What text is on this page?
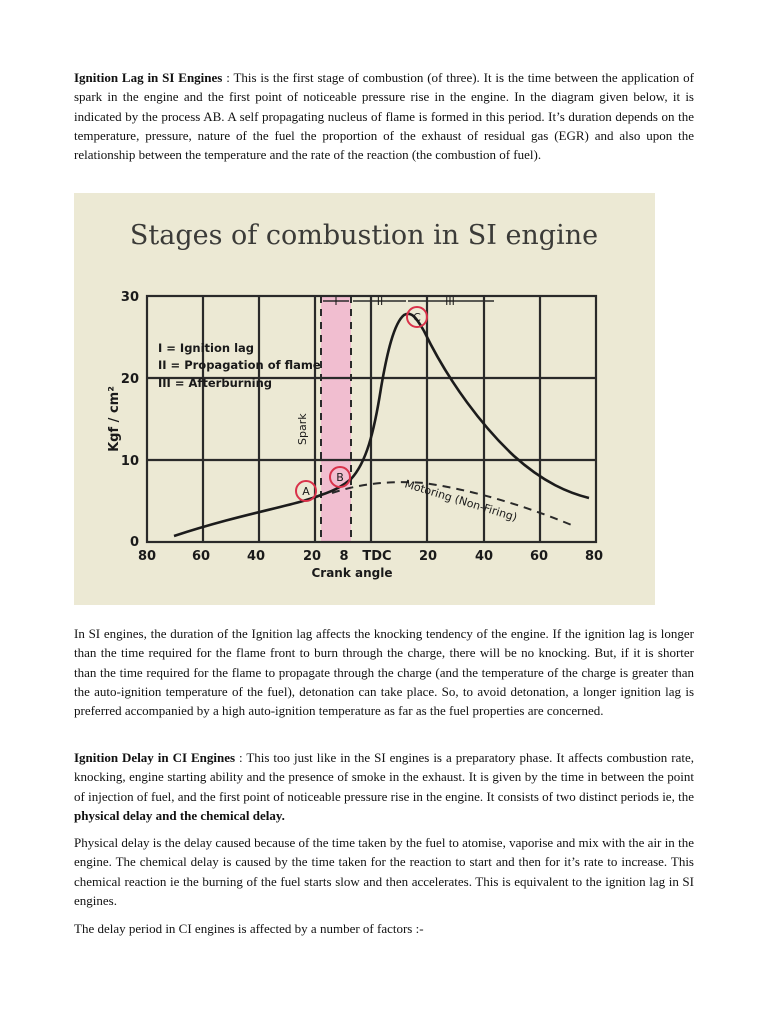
Ignition Lag in SI Engines : This is the first stage of combustion (of three). It is the time between the application of spark in the engine and the first point of noticeable pressure rise in the engine. In the diagram given below, it is indicated by the process AB. A self propagating nucleus of flame is formed in this period. It’s duration depends on the temperature, pressure, nature of the fuel the proportion of the exhaust of residual gas (EGR) and also upon the relationship between the temperature and the rate of the reaction (the combustion of fuel).

Stages of combustion in SI engine
I	II	III
I = Ignition lag
II = Propagation of flame
III = Afterburning
Spark
Motoring (Non-Firing)
A
B
C
30
20
10
0
Kgf / cm²
80	60	40	20 8 TDC 20	40	60	80
Crank angle

In SI engines, the duration of the Ignition lag affects the knocking tendency of the engine. If the ignition lag is longer than the time required for the flame front to burn through the charge, there will be no knocking. But, if it is shorter than the time required for the flame to propagate through the charge (and the temperature of the charge is greater than the auto-ignition temperature of the fuel), detonation can take place. So, to avoid detonation, a longer ignition lag is preferred accompanied by a high auto-ignition temperature as far as the fuel properties are concerned.

Ignition Delay in CI Engines : This too just like in the SI engines is a preparatory phase. It affects combustion rate, knocking, engine starting ability and the presence of smoke in the exhaust. It is given by the time in between the point of injection of fuel, and the first point of noticeable pressure rise in the engine. It consists of two distinct periods ie, the physical delay and the chemical delay.

Physical delay is the delay caused because of the time taken by the fuel to atomise, vaporise and mix with the air in the engine. The chemical delay is caused by the time taken for the reaction to start and then for it’s rate to increase. This chemical reaction ie the burning of the fuel starts slow and then accelerates. This is equivalent to the ignition lag in SI engines.

The delay period in CI engines is affected by a number of factors :-
